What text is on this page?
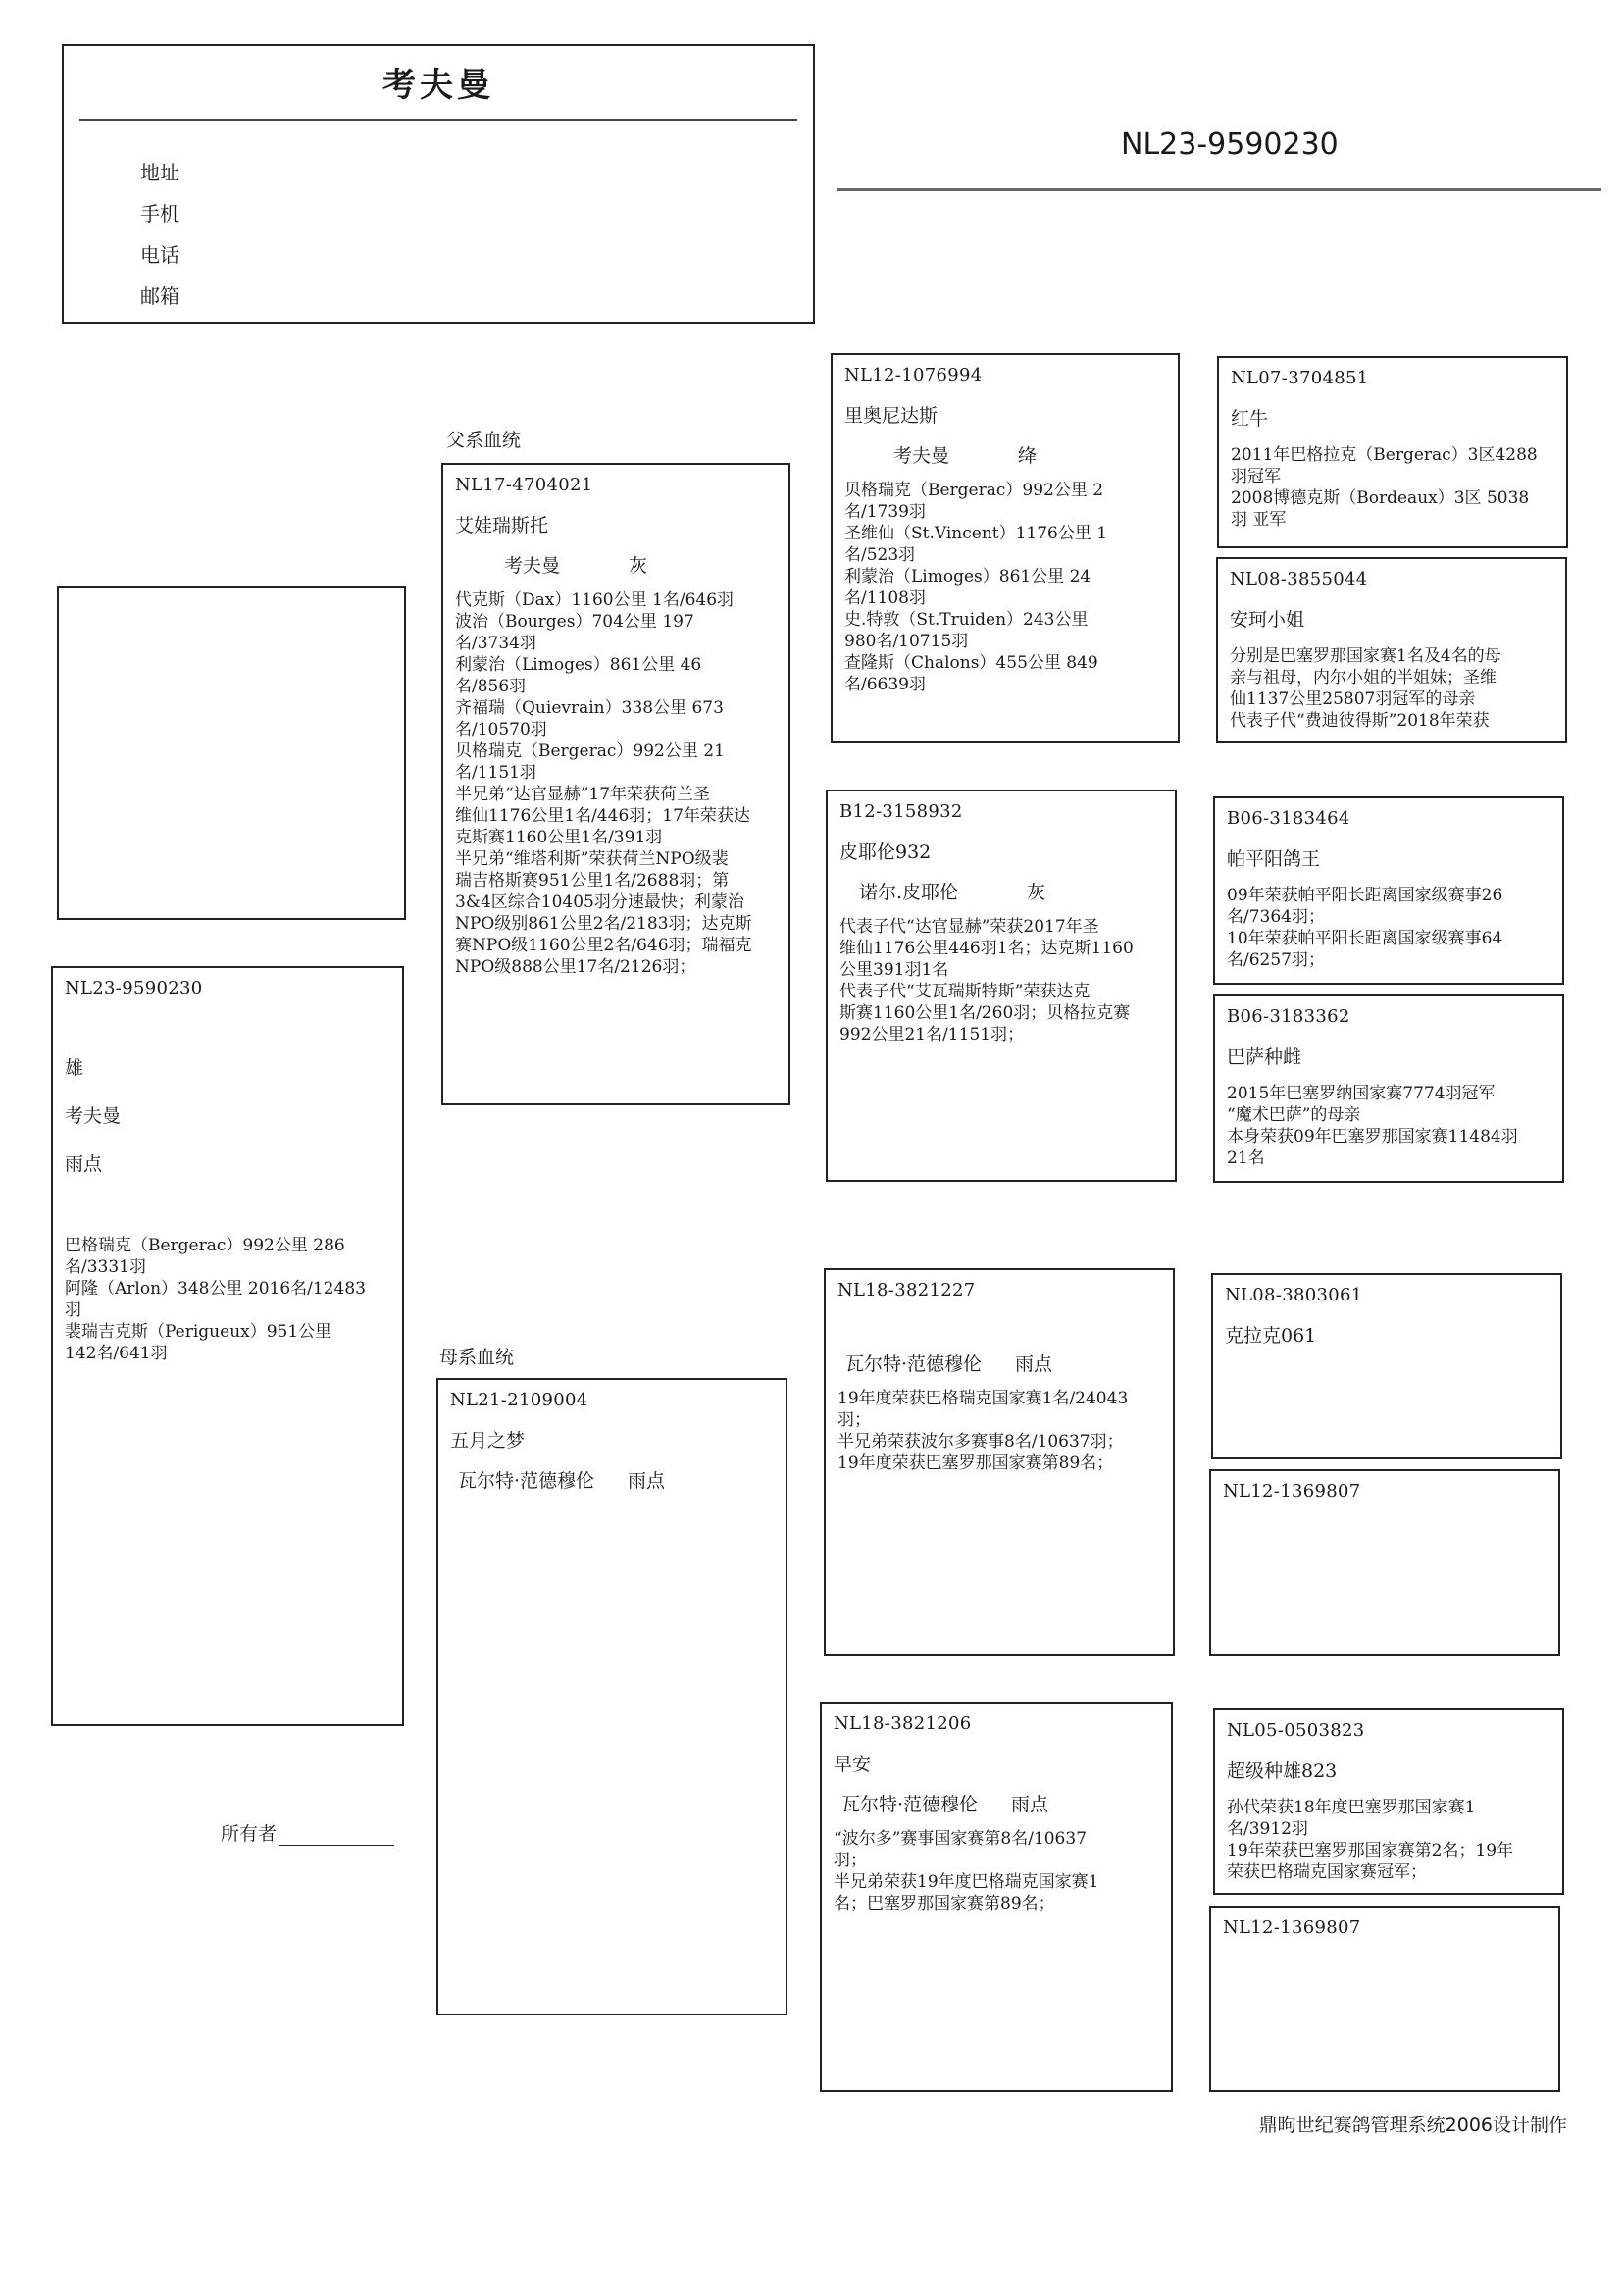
考夫曼
地址
手机
电话
邮箱
NL23-9590230
NL23-9590230
雄
考夫曼
雨点
巴格瑞克（Bergerac）992公里 286
名/3331羽
阿隆（Arlon）348公里 2016名/12483
羽
裴瑞吉克斯（Perigueux）951公里
142名/641羽
父系血统
母系血统
NL17-4704021
艾娃瑞斯托
考夫曼	灰
代克斯（Dax）1160公里 1名/646羽
波治（Bourges）704公里 197
名/3734羽
利蒙治（Limoges）861公里 46
名/856羽
齐福瑞（Quievrain）338公里 673
名/10570羽
贝格瑞克（Bergerac）992公里 21
名/1151羽
半兄弟“达官显赫”17年荣获荷兰圣
维仙1176公里1名/446羽；17年荣获达
克斯赛1160公里1名/391羽
半兄弟“维塔利斯”荣获荷兰NPO级裴
瑞吉格斯赛951公里1名/2688羽；第
3&4区综合10405羽分速最快；利蒙治
NPO级别861公里2名/2183羽；达克斯
赛NPO级1160公里2名/646羽；瑞福克
NPO级888公里17名/2126羽；
NL21-2109004
五月之梦
瓦尔特·范德穆伦 雨点
NL12-1076994
里奥尼达斯
考夫曼	绛
贝格瑞克（Bergerac）992公里 2
名/1739羽
圣维仙（St.Vincent）1176公里 1
名/523羽
利蒙治（Limoges）861公里 24
名/1108羽
史.特敦（St.Truiden）243公里
980名/10715羽
查隆斯（Chalons）455公里 849
名/6639羽
B12-3158932
皮耶伦932
诺尔.皮耶伦	灰
代表子代“达官显赫”荣获2017年圣
维仙1176公里446羽1名；达克斯1160
公里391羽1名
代表子代“艾瓦瑞斯特斯”荣获达克
斯赛1160公里1名/260羽；贝格拉克赛
992公里21名/1151羽；
NL18-3821227
瓦尔特·范德穆伦 雨点
19年度荣获巴格瑞克国家赛1名/24043
羽；
半兄弟荣获波尔多赛事8名/10637羽；
19年度荣获巴塞罗那国家赛第89名；
NL18-3821206
早安
瓦尔特·范德穆伦 雨点
“波尔多”赛事国家赛第8名/10637
羽；
半兄弟荣获19年度巴格瑞克国家赛1
名；巴塞罗那国家赛第89名；
NL07-3704851
红牛
2011年巴格拉克（Bergerac）3区4288
羽冠军
2008博德克斯（Bordeaux）3区 5038
羽 亚军
NL08-3855044
安珂小姐
分别是巴塞罗那国家赛1名及4名的母
亲与祖母，内尔小姐的半姐妹；圣维
仙1137公里25807羽冠军的母亲
代表子代“费迪彼得斯”2018年荣获
B06-3183464
帕平阳鸽王
09年荣获帕平阳长距离国家级赛事26
名/7364羽；
10年荣获帕平阳长距离国家级赛事64
名/6257羽；
B06-3183362
巴萨种雌
2015年巴塞罗纳国家赛7774羽冠军
“魔术巴萨”的母亲
本身荣获09年巴塞罗那国家赛11484羽
21名
NL08-3803061
克拉克061
NL12-1369807
NL05-0503823
超级种雄823
孙代荣获18年度巴塞罗那国家赛1
名/3912羽
19年荣获巴塞罗那国家赛第2名；19年
荣获巴格瑞克国家赛冠军；
NL12-1369807
所有者
鼎昫世纪赛鸽管理系统2006设计制作
